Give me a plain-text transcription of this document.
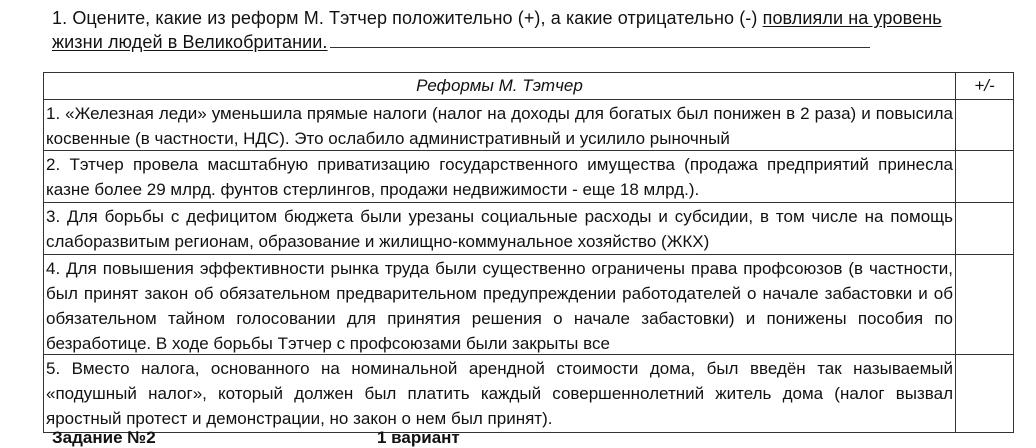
1. Оцените, какие из реформ М. Тэтчер положительно (+), а какие отрицательно (-) повлияли на уровень
жизни людей в Великобритании.
Реформы М. Тэтчер	+/-

1. «Железная леди» уменьшила прямые налоги (налог на доходы для богатых был понижен в 2 раза) и повысила косвенные (в частности, НДС). Это ослабило административный и усилило рыночный	

2. Тэтчер провела масштабную приватизацию государственного имущества (продажа предприятий принесла казне более 29 млрд. фунтов стерлингов, продажи недвижимости - еще 18 млрд.).	

3. Для борьбы с дефицитом бюджета были урезаны социальные расходы и субсидии, в том числе на помощь слаборазвитым регионам, образование и жилищно-коммунальное хозяйство (ЖКХ)	

4. Для повышения эффективности рынка труда были существенно ограничены права профсоюзов (в частности, был принят закон об обязательном предварительном предупреждении работодателей о начале забастовки и об обязательном тайном голосовании для принятия решения о начале забастовки) и понижены пособия по безработице. В ходе борьбы Тэтчер с профсоюзами были закрыты все	

5. Вместо налога, основанного на номинальной арендной стоимости дома, был введён так называемый «подушный налог», который должен был платить каждый совершеннолетний житель дома (налог вызвал яростный протест и демонстрации, но закон о нем был принят).	

Задание №2	1 вариант
